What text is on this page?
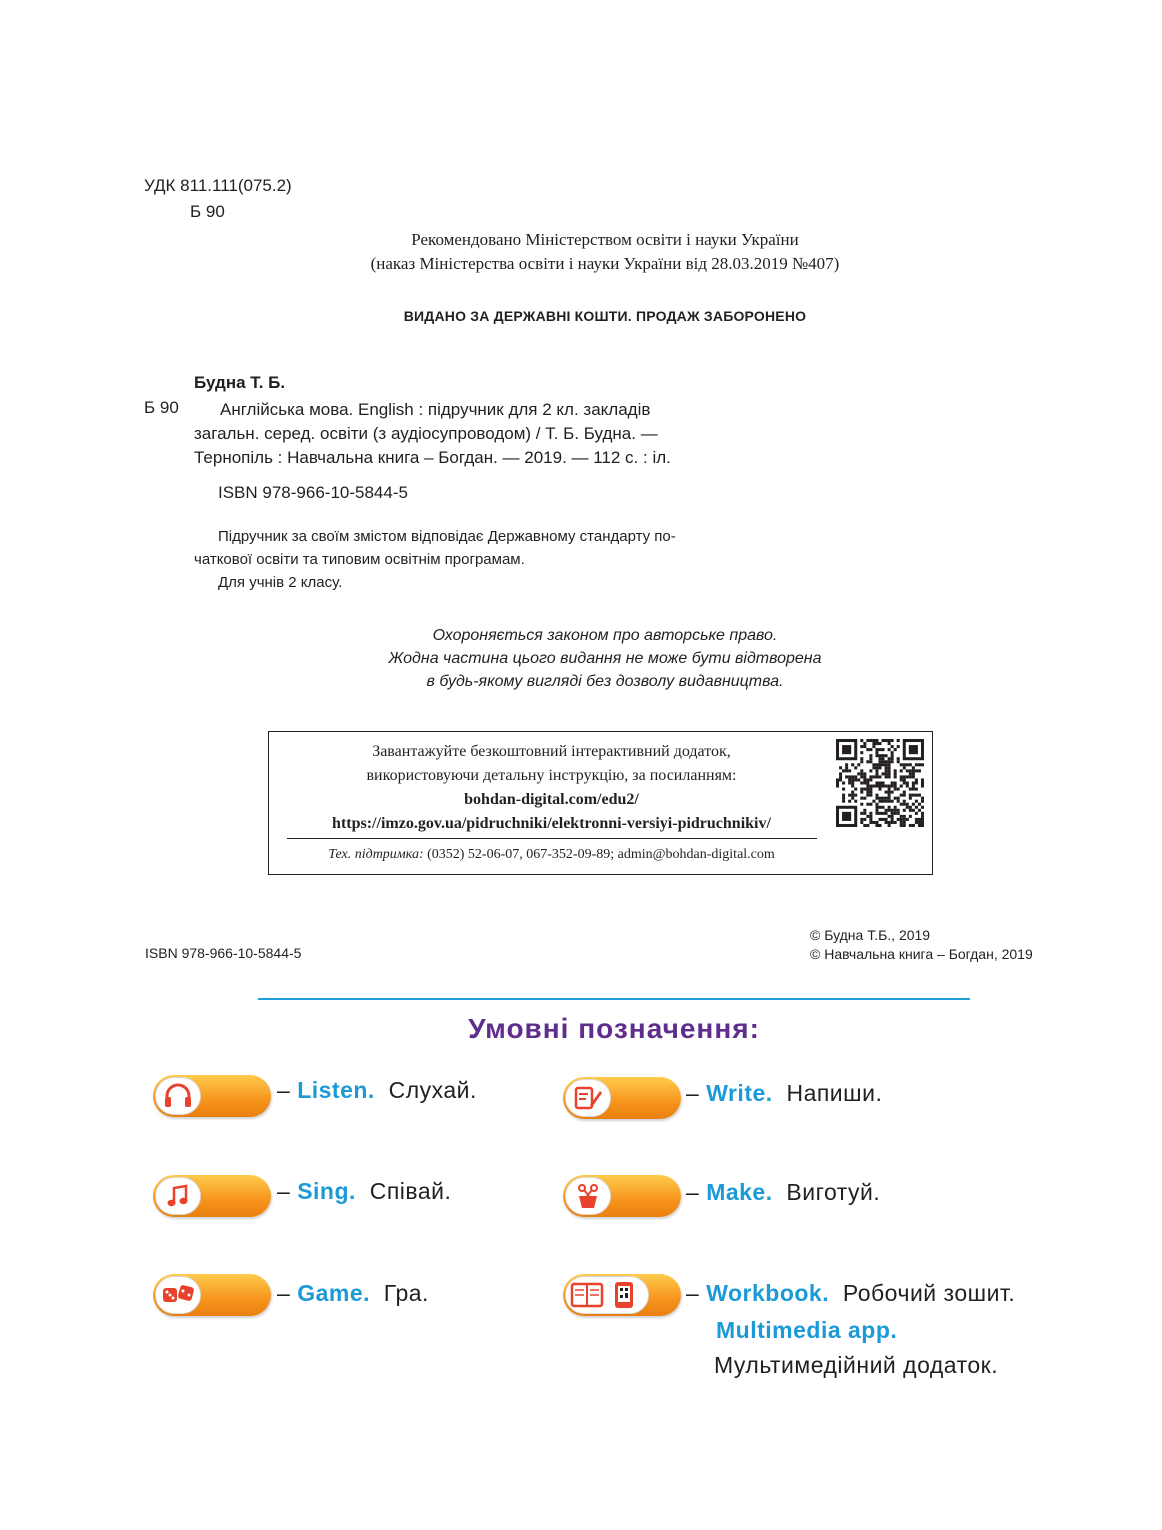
УДК 811.111(075.2)
Б 90
Рекомендовано Міністерством освіти і науки України
(наказ Міністерства освіти і науки України від 28.03.2019 №407)
ВИДАНО ЗА ДЕРЖАВНІ КОШТИ. ПРОДАЖ ЗАБОРОНЕНО
Будна Т. Б.
Б 90	Англійська мова. English : підручник для 2 кл. закладів
загальн. серед. освіти (з аудіосупроводом) / Т. Б. Будна. —
Тернопіль : Навчальна книга – Богдан. — 2019. — 112 с. : іл.
ISBN 978-966-10-5844-5
Підручник за своїм змістом відповідає Державному стандарту по-
чаткової освіти та типовим освітнім програмам.
Для учнів 2 класу.
Охороняється законом про авторське право.
Жодна частина цього видання не може бути відтворена
в будь-якому вигляді без дозволу видавництва.
Завантажуйте безкоштовний інтерактивний додаток,
використовуючи детальну інструкцію, за посиланням:
bohdan-digital.com/edu2/
https://imzo.gov.ua/pidruchniki/elektronni-versiyi-pidruchnikiv/
Тех. підтримка: (0352) 52-06-07, 067-352-09-89; admin@bohdan-digital.com
ISBN 978-966-10-5844-5
© Будна Т.Б., 2019
© Навчальна книга – Богдан, 2019
Умовні позначення:
– Listen. Слухай.	– Write. Напиши.
– Sing. Співай.	– Make. Виготуй.
– Game. Гра.	– Workbook. Робочий зошит.
Multimedia app.
Мультимедійний додаток.
